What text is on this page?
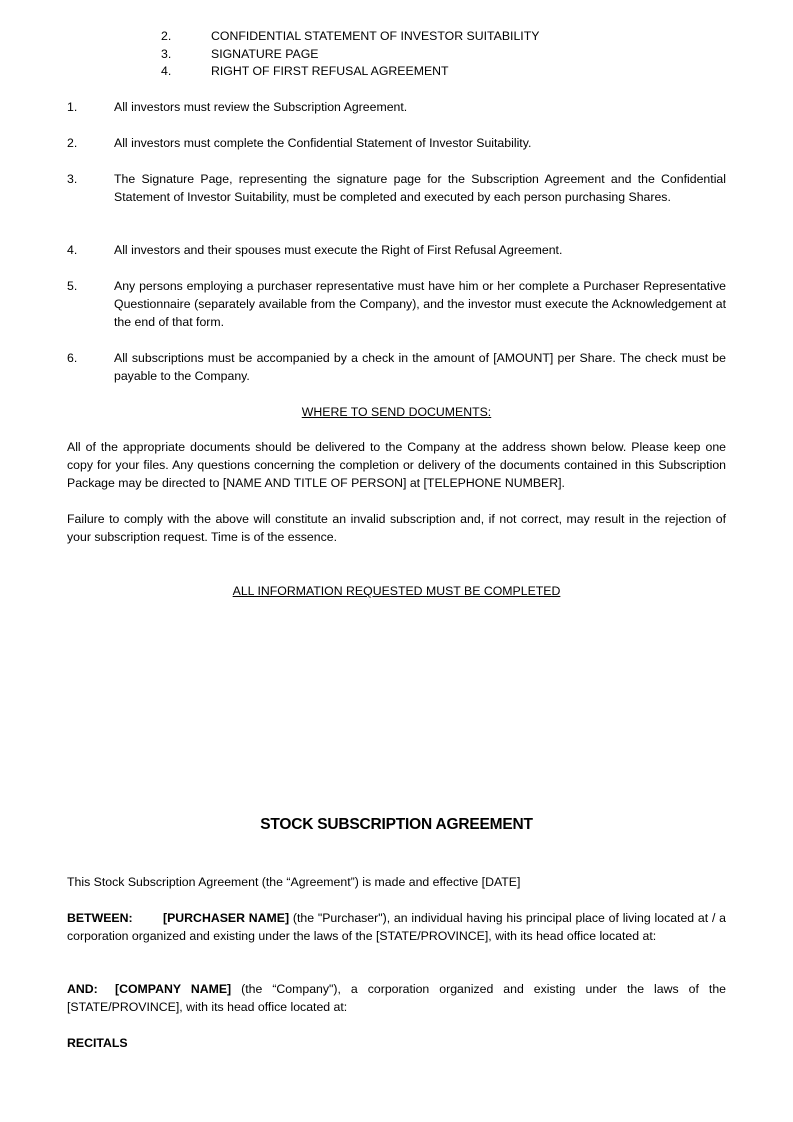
2.	CONFIDENTIAL STATEMENT OF INVESTOR SUITABILITY
3.	SIGNATURE PAGE
4.	RIGHT OF FIRST REFUSAL AGREEMENT
1.	All investors must review the Subscription Agreement.
2.	All investors must complete the Confidential Statement of Investor Suitability.
3.	The Signature Page, representing the signature page for the Subscription Agreement and the Confidential Statement of Investor Suitability, must be completed and executed by each person purchasing Shares.
4.	All investors and their spouses must execute the Right of First Refusal Agreement.
5.	Any persons employing a purchaser representative must have him or her complete a Purchaser Representative Questionnaire (separately available from the Company), and the investor must execute the Acknowledgement at the end of that form.
6.	All subscriptions must be accompanied by a check in the amount of [AMOUNT] per Share. The check must be payable to the Company.
WHERE TO SEND DOCUMENTS:
All of the appropriate documents should be delivered to the Company at the address shown below. Please keep one copy for your files. Any questions concerning the completion or delivery of the documents contained in this Subscription Package may be directed to [NAME AND TITLE OF PERSON] at [TELEPHONE NUMBER].
Failure to comply with the above will constitute an invalid subscription and, if not correct, may result in the rejection of your subscription request. Time is of the essence.
ALL INFORMATION REQUESTED MUST BE COMPLETED
STOCK SUBSCRIPTION AGREEMENT
This Stock Subscription Agreement (the “Agreement”) is made and effective [DATE]
BETWEEN: [PURCHASER NAME] (the "Purchaser"), an individual having his principal place of living located at / a corporation organized and existing under the laws of the [STATE/PROVINCE], with its head office located at:
AND: [COMPANY NAME] (the “Company"), a corporation organized and existing under the laws of the [STATE/PROVINCE], with its head office located at:
RECITALS
